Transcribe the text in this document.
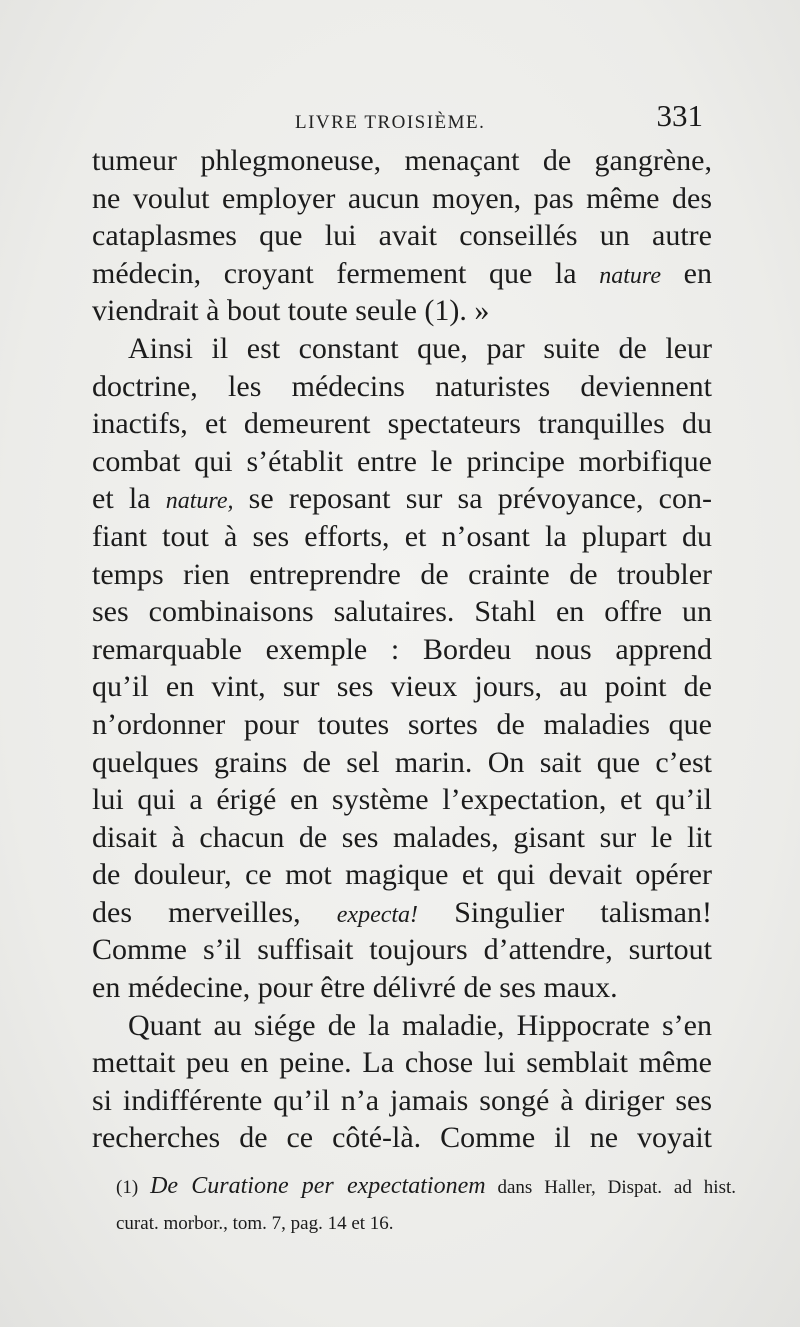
LIVRE TROISIÈME.	331
tumeur phlegmoneuse, menaçant de gangrène,
ne voulut employer aucun moyen, pas même des
cataplasmes que lui avait conseillés un autre
médecin, croyant fermement que la nature en
viendrait à bout toute seule (1). »
Ainsi il est constant que, par suite de leur
doctrine, les médecins naturistes deviennent
inactifs, et demeurent spectateurs tranquilles du
combat qui s’établit entre le principe morbifique
et la nature, se reposant sur sa prévoyance, con-
fiant tout à ses efforts, et n’osant la plupart du
temps rien entreprendre de crainte de troubler
ses combinaisons salutaires. Stahl en offre un
remarquable exemple : Bordeu nous apprend
qu’il en vint, sur ses vieux jours, au point de
n’ordonner pour toutes sortes de maladies que
quelques grains de sel marin. On sait que c’est
lui qui a érigé en système l’expectation, et qu’il
disait à chacun de ses malades, gisant sur le lit
de douleur, ce mot magique et qui devait opérer
des merveilles, expecta! Singulier talisman!
Comme s’il suffisait toujours d’attendre, surtout
en médecine, pour être délivré de ses maux.
Quant au siége de la maladie, Hippocrate s’en
mettait peu en peine. La chose lui semblait même
si indifférente qu’il n’a jamais songé à diriger ses
recherches de ce côté-là. Comme il ne voyait
(1) De Curatione per expectationem dans Haller, Dispat. ad hist.
curat. morbor., tom. 7, pag. 14 et 16.
